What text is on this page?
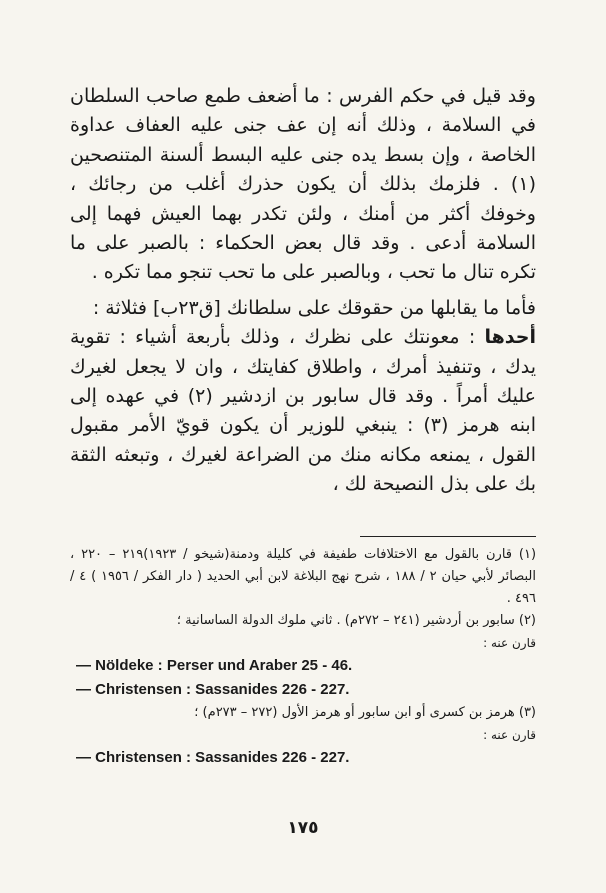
وقد قيل في حكم الفرس : ما أضعف طمع صاحب السلطان في السلامة ، وذلك أنه إن عف جنى عليه العفاف عداوة الخاصة ، وإن بسط يده جنى عليه البسط ألسنة المتنصحين (١) . فلزمك بذلك أن يكون حذرك أغلب من رجائك ، وخوفك أكثر من أمنك ، ولئن تكدر بهما العيش فهما إلى السلامة أدعى . وقد قال بعض الحكماء : بالصبر على ما تكره تنال ما تحب ، وبالصبر على ما تحب تنجو مما تكره .

فأما ما يقابلها من حقوقك على سلطانك [ق٢٣ب] فثلاثة :

أحدها : معونتك على نظرك ، وذلك بأربعة أشياء : تقوية يدك ، وتنفيذ أمرك ، واطلاق كفايتك ، وان لا يجعل لغيرك عليك أمراً . وقد قال سابور بن ازدشير (٢) في عهده إلى ابنه هرمز (٣) : ينبغي للوزير أن يكون قويّ الأمر مقبول القول ، يمنعه مكانه منك من الضراعة لغيرك ، وتبعثه الثقة بك على بذل النصيحة لك ،

(١) قارن بالقول مع الاختلافات طفيفة في كليلة ودمنة(شيخو / ١٩٢٣)٢١٩ – ٢٢٠ ، البصائر لأبي حيان ٢ / ١٨٨ ، شرح نهج البلاغة لابن أبي الحديد ( دار الفكر / ١٩٥٦ ) ٤ / ٤٩٦ .

(٢) سابور بن أردشير (٢٤١ – ٢٧٢م) . ثاني ملوك الدولة الساسانية ؛

قارن عنه :

— Nöldeke : Perser und Araber 25 - 46.

— Christensen : Sassanides 226 - 227.

(٣) هرمز بن كسرى أو ابن سابور أو هرمز الأول (٢٧٢ – ٢٧٣م) ؛

قارن عنه :

— Christensen : Sassanides 226 - 227.

١٧٥
